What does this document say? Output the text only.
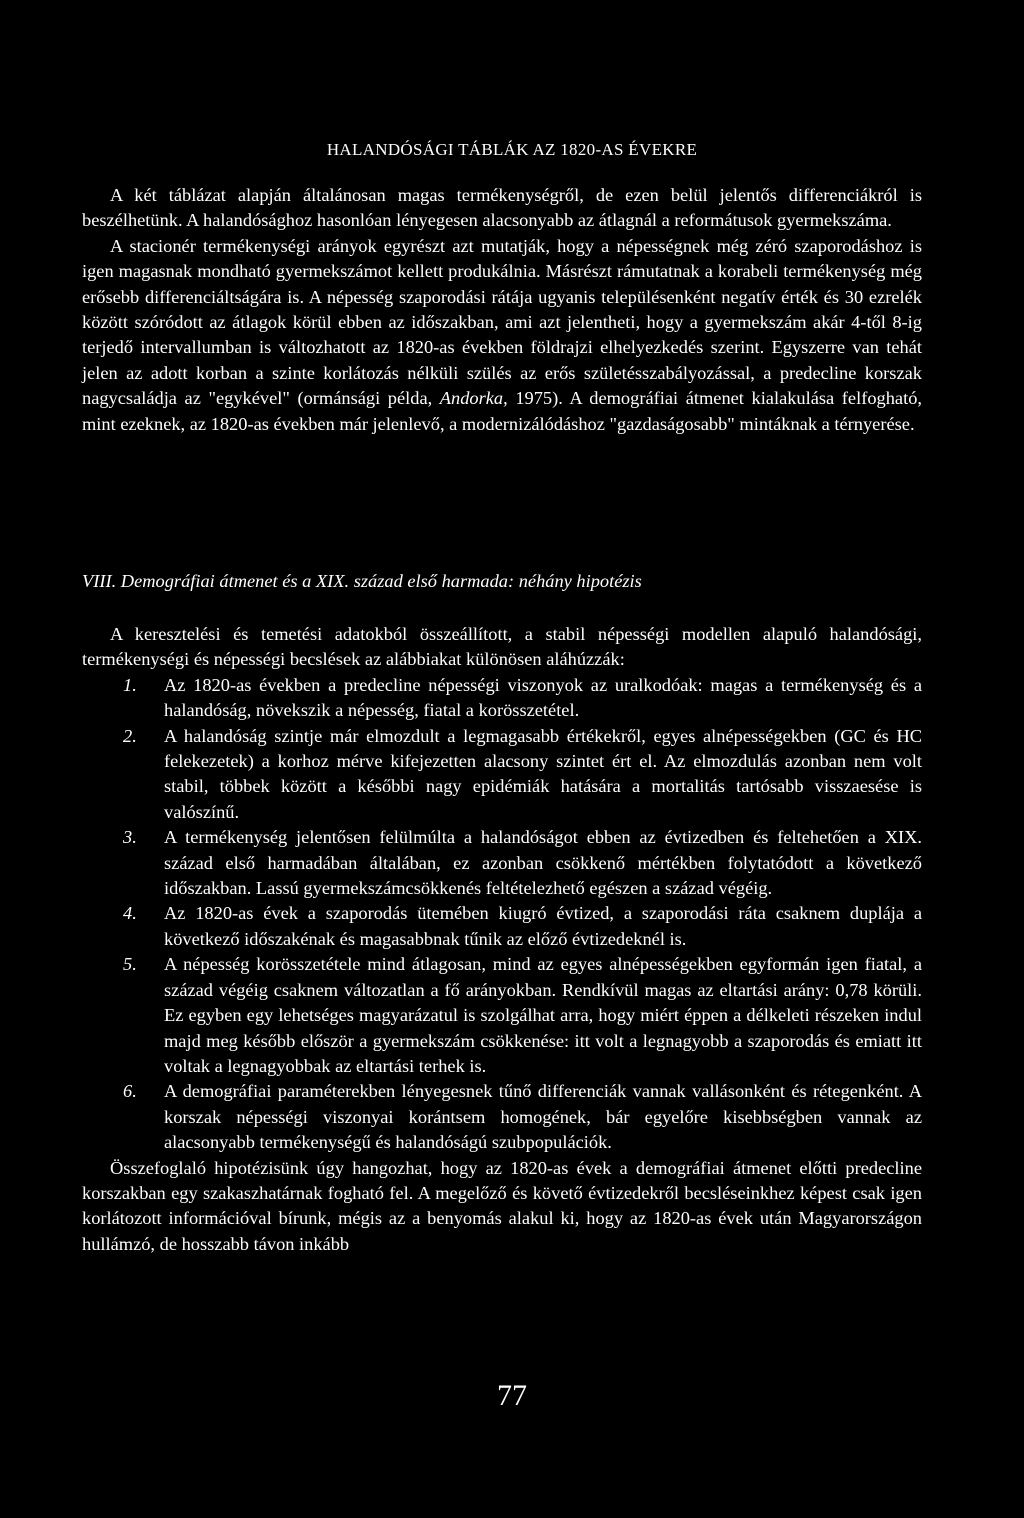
HALANDÓSÁGI TÁBLÁK AZ 1820-AS ÉVEKRE

A két táblázat alapján általánosan magas termékenységről, de ezen belül jelentős differenciákról is beszélhetünk. A halandósághoz hasonlóan lényegesen alacsonyabb az átlagnál a reformátusok gyermekszáma.

A stacionér termékenységi arányok egyrészt azt mutatják, hogy a népességnek még zéró szaporodáshoz is igen magasnak mondható gyermekszámot kellett produkálnia. Másrészt rámutatnak a korabeli termékenység még erősebb differenciáltságára is. A népesség szaporodási rátája ugyanis településenként negatív érték és 30 ezrelék között szóródott az átlagok körül ebben az időszakban, ami azt jelentheti, hogy a gyermekszám akár 4-től 8-ig terjedő intervallumban is változhatott az 1820-as években földrajzi elhelyezkedés szerint. Egyszerre van tehát jelen az adott korban a szinte korlátozás nélküli szülés az erős születésszabályozással, a predecline korszak nagycsaládja az "egykével" (ormánsági példa, Andorka, 1975). A demográfiai átmenet kialakulása felfogható, mint ezeknek, az 1820-as években már jelenlevő, a modernizálódáshoz "gazdaságosabb" mintáknak a térnyerése.

VIII. Demográfiai átmenet és a XIX. század első harmada: néhány hipotézis

A keresztelési és temetési adatokból összeállított, a stabil népességi modellen alapuló halandósági, termékenységi és népességi becslések az alábbiakat különösen aláhúzzák:

1. Az 1820-as években a predecline népességi viszonyok az uralkodóak: magas a termékenység és a halandóság, növekszik a népesség, fiatal a korösszetétel.
2. A halandóság szintje már elmozdult a legmagasabb értékekről, egyes alnépességekben (GC és HC felekezetek) a korhoz mérve kifejezetten alacsony szintet ért el. Az elmozdulás azonban nem volt stabil, többek között a későbbi nagy epidémiák hatására a mortalitás tartósabb visszaesése is valószínű.
3. A termékenység jelentősen felülmúlta a halandóságot ebben az évtizedben és feltehetően a XIX. század első harmadában általában, ez azonban csökkenő mértékben folytatódott a következő időszakban. Lassú gyermekszámcsökkenés feltételezhető egészen a század végéig.
4. Az 1820-as évek a szaporodás ütemében kiugró évtized, a szaporodási ráta csaknem duplája a következő időszakénak és magasabbnak tűnik az előző évtizedeknél is.
5. A népesség korösszetétele mind átlagosan, mind az egyes alnépességekben egyformán igen fiatal, a század végéig csaknem változatlan a fő arányokban. Rendkívül magas az eltartási arány: 0,78 körüli. Ez egyben egy lehetséges magyarázatul is szolgálhat arra, hogy miért éppen a délkeleti részeken indul majd meg később először a gyermekszám csökkenése: itt volt a legnagyobb a szaporodás és emiatt itt voltak a legnagyobbak az eltartási terhek is.
6. A demográfiai paraméterekben lényegesnek tűnő differenciák vannak vallásonként és rétegenként. A korszak népességi viszonyai korántsem homogének, bár egyelőre kisebbségben vannak az alacsonyabb termékenységű és halandóságú szubpopulációk.

Összefoglaló hipotézisünk úgy hangozhat, hogy az 1820-as évek a demográfiai átmenet előtti predecline korszakban egy szakaszhatárnak fogható fel. A megelőző és követő évtizedekről becsléseinkhez képest csak igen korlátozott információval bírunk, mégis az a benyomás alakul ki, hogy az 1820-as évek után Magyarországon hullámzó, de hosszabb távon inkább

77
